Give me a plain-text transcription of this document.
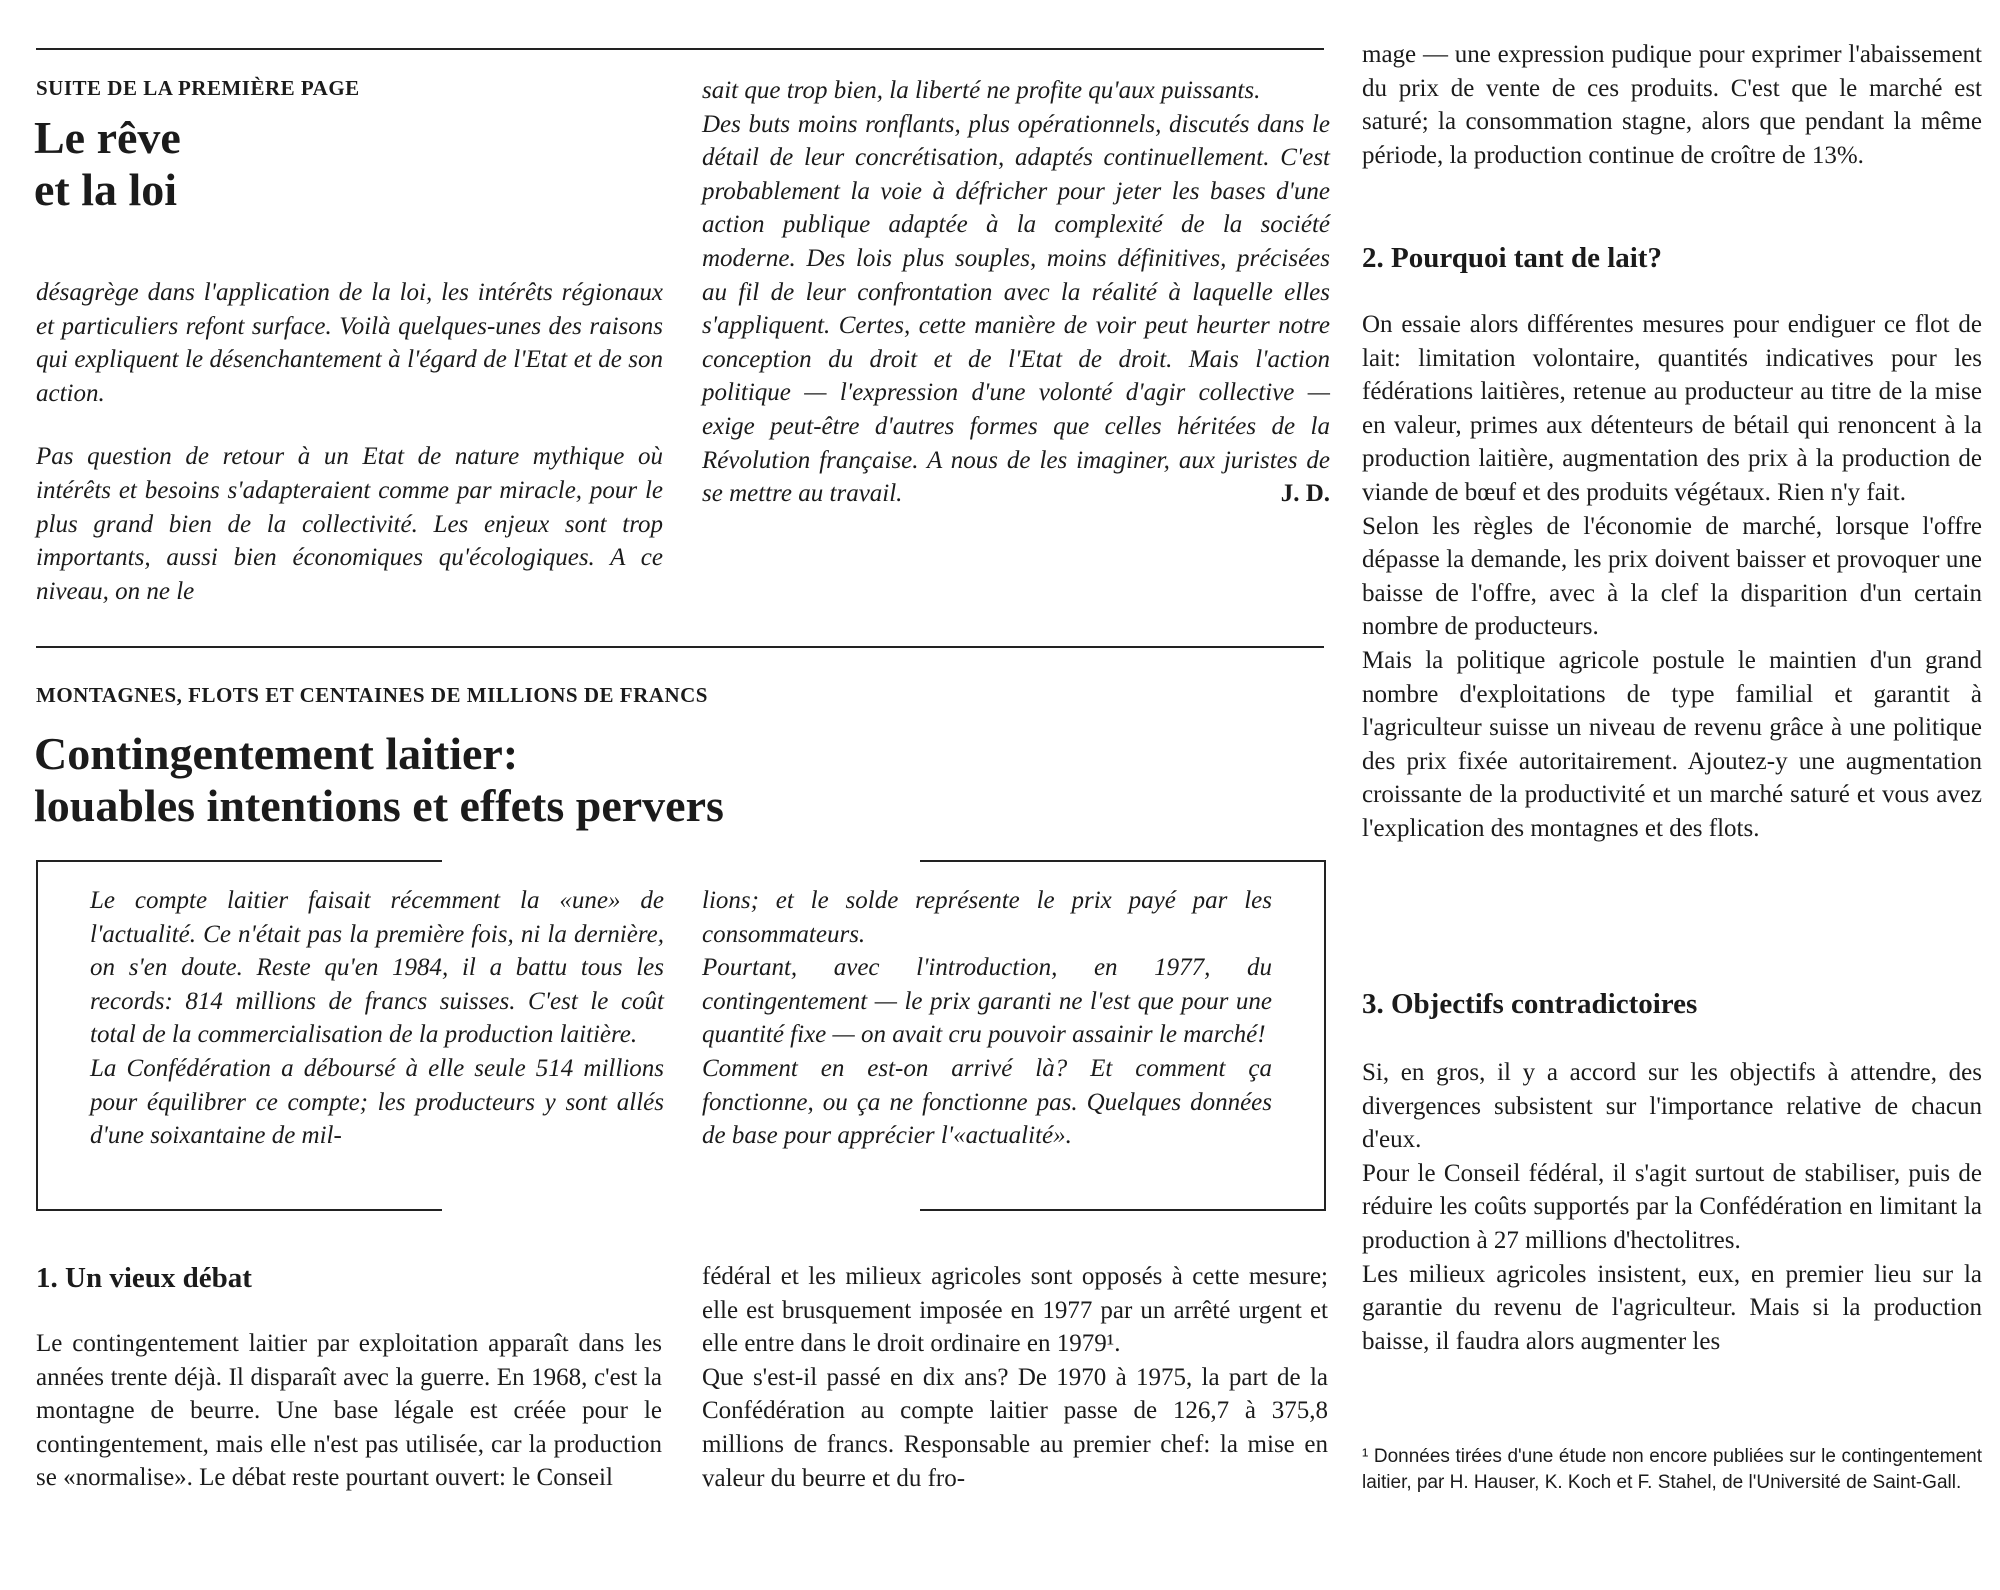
SUITE DE LA PREMIÈRE PAGE
Le rêve
et la loi

désagrège dans l'application de la loi, les intérêts régionaux et particuliers refont surface. Voilà quelques-unes des raisons qui expliquent le désenchantement à l'égard de l'Etat et de son action.

Pas question de retour à un Etat de nature mythique où intérêts et besoins s'adapteraient comme par miracle, pour le plus grand bien de la collectivité. Les enjeux sont trop importants, aussi bien économiques qu'écologiques. A ce niveau, on ne le

sait que trop bien, la liberté ne profite qu'aux puissants.

Des buts moins ronflants, plus opérationnels, discutés dans le détail de leur concrétisation, adaptés continuellement. C'est probablement la voie à défricher pour jeter les bases d'une action publique adaptée à la complexité de la société moderne. Des lois plus souples, moins définitives, précisées au fil de leur confrontation avec la réalité à laquelle elles s'appliquent. Certes, cette manière de voir peut heurter notre conception du droit et de l'Etat de droit. Mais l'action politique — l'expression d'une volonté d'agir collective — exige peut-être d'autres formes que celles héritées de la Révolution française. A nous de les imaginer, aux juristes de se mettre au travail.	J. D.

MONTAGNES, FLOTS ET CENTAINES DE MILLIONS DE FRANCS
Contingentement laitier:
louables intentions et effets pervers

Le compte laitier faisait récemment la «une» de l'actualité. Ce n'était pas la première fois, ni la dernière, on s'en doute. Reste qu'en 1984, il a battu tous les records: 814 millions de francs suisses. C'est le coût total de la commercialisation de la production laitière.

La Confédération a déboursé à elle seule 514 millions pour équilibrer ce compte; les producteurs y sont allés d'une soixantaine de mil-

lions; et le solde représente le prix payé par les consommateurs.

Pourtant, avec l'introduction, en 1977, du contingentement — le prix garanti ne l'est que pour une quantité fixe — on avait cru pouvoir assainir le marché!

Comment en est-on arrivé là? Et comment ça fonctionne, ou ça ne fonctionne pas. Quelques données de base pour apprécier l'«actualité».

1. Un vieux débat

Le contingentement laitier par exploitation apparaît dans les années trente déjà. Il disparaît avec la guerre. En 1968, c'est la montagne de beurre. Une base légale est créée pour le contingentement, mais elle n'est pas utilisée, car la production se «normalise». Le débat reste pourtant ouvert: le Conseil

fédéral et les milieux agricoles sont opposés à cette mesure; elle est brusquement imposée en 1977 par un arrêté urgent et elle entre dans le droit ordinaire en 1979¹.

Que s'est-il passé en dix ans? De 1970 à 1975, la part de la Confédération au compte laitier passe de 126,7 à 375,8 millions de francs. Responsable au premier chef: la mise en valeur du beurre et du fro-

mage — une expression pudique pour exprimer l'abaissement du prix de vente de ces produits. C'est que le marché est saturé; la consommation stagne, alors que pendant la même période, la production continue de croître de 13%.

2. Pourquoi tant de lait?

On essaie alors différentes mesures pour endiguer ce flot de lait: limitation volontaire, quantités indicatives pour les fédérations laitières, retenue au producteur au titre de la mise en valeur, primes aux détenteurs de bétail qui renoncent à la production laitière, augmentation des prix à la production de viande de bœuf et des produits végétaux. Rien n'y fait.

Selon les règles de l'économie de marché, lorsque l'offre dépasse la demande, les prix doivent baisser et provoquer une baisse de l'offre, avec à la clef la disparition d'un certain nombre de producteurs.

Mais la politique agricole postule le maintien d'un grand nombre d'exploitations de type familial et garantit à l'agriculteur suisse un niveau de revenu grâce à une politique des prix fixée autoritairement. Ajoutez-y une augmentation croissante de la productivité et un marché saturé et vous avez l'explication des montagnes et des flots.

3. Objectifs contradictoires

Si, en gros, il y a accord sur les objectifs à attendre, des divergences subsistent sur l'importance relative de chacun d'eux.

Pour le Conseil fédéral, il s'agit surtout de stabiliser, puis de réduire les coûts supportés par la Confédération en limitant la production à 27 millions d'hectolitres.

Les milieux agricoles insistent, eux, en premier lieu sur la garantie du revenu de l'agriculteur. Mais si la production baisse, il faudra alors augmenter les

¹ Données tirées d'une étude non encore publiées sur le contingentement laitier, par H. Hauser, K. Koch et F. Stahel, de l'Université de Saint-Gall.
